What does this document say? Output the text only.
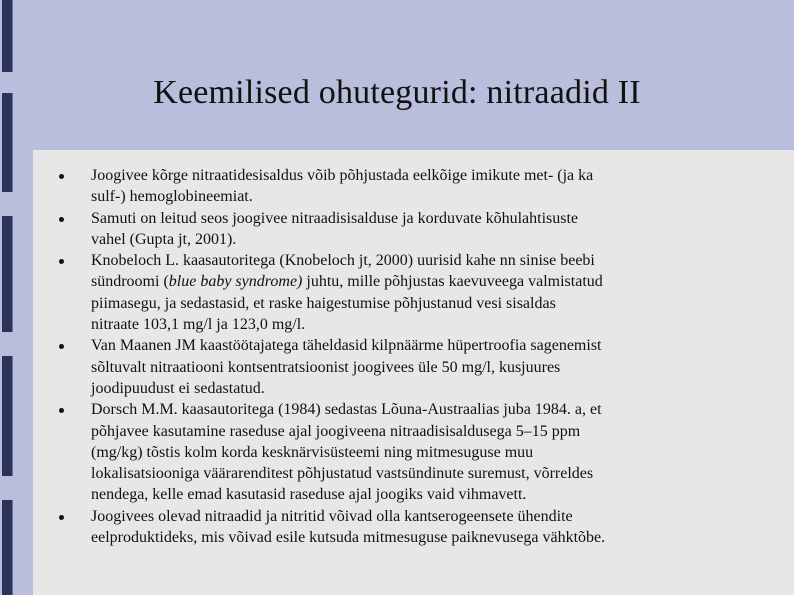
Keemilised ohutegurid: nitraadid II
Joogivee kõrge nitraatidesisaldus võib põhjustada eelkõige imikute met- (ja ka
sulf-) hemoglobineemiat.
Samuti on leitud seos joogivee nitraadisisalduse ja korduvate kõhulahtisuste
vahel (Gupta jt, 2001).
Knobeloch L. kaasautoritega (Knobeloch jt, 2000) uurisid kahe nn sinise beebi
sündroomi (blue baby syndrome) juhtu, mille põhjustas kaevuveega valmistatud
piimasegu, ja sedastasid, et raske haigestumise põhjustanud vesi sisaldas
nitraate 103,1 mg/l ja 123,0 mg/l.
Van Maanen JM kaastöötajatega täheldasid kilpnäärme hüpertroofia sagenemist
sõltuvalt nitraatiooni kontsentratsioonist joogivees üle 50 mg/l, kusjuures
joodipuudust ei sedastatud.
Dorsch M.M. kaasautoritega (1984) sedastas Lõuna-Austraalias juba 1984. a, et
põhjavee kasutamine raseduse ajal joogiveena nitraadisisaldusega 5–15 ppm
(mg/kg) tõstis kolm korda kesknärvisüsteemi ning mitmesuguse muu
lokalisatsiooniga väärarenditest põhjustatud vastsündinute suremust, võrreldes
nendega, kelle emad kasutasid raseduse ajal joogiks vaid vihmavett.
Joogivees olevad nitraadid ja nitritid võivad olla kantserogeensete ühendite
eelproduktideks, mis võivad esile kutsuda mitmesuguse paiknevusega vähktõbe.
